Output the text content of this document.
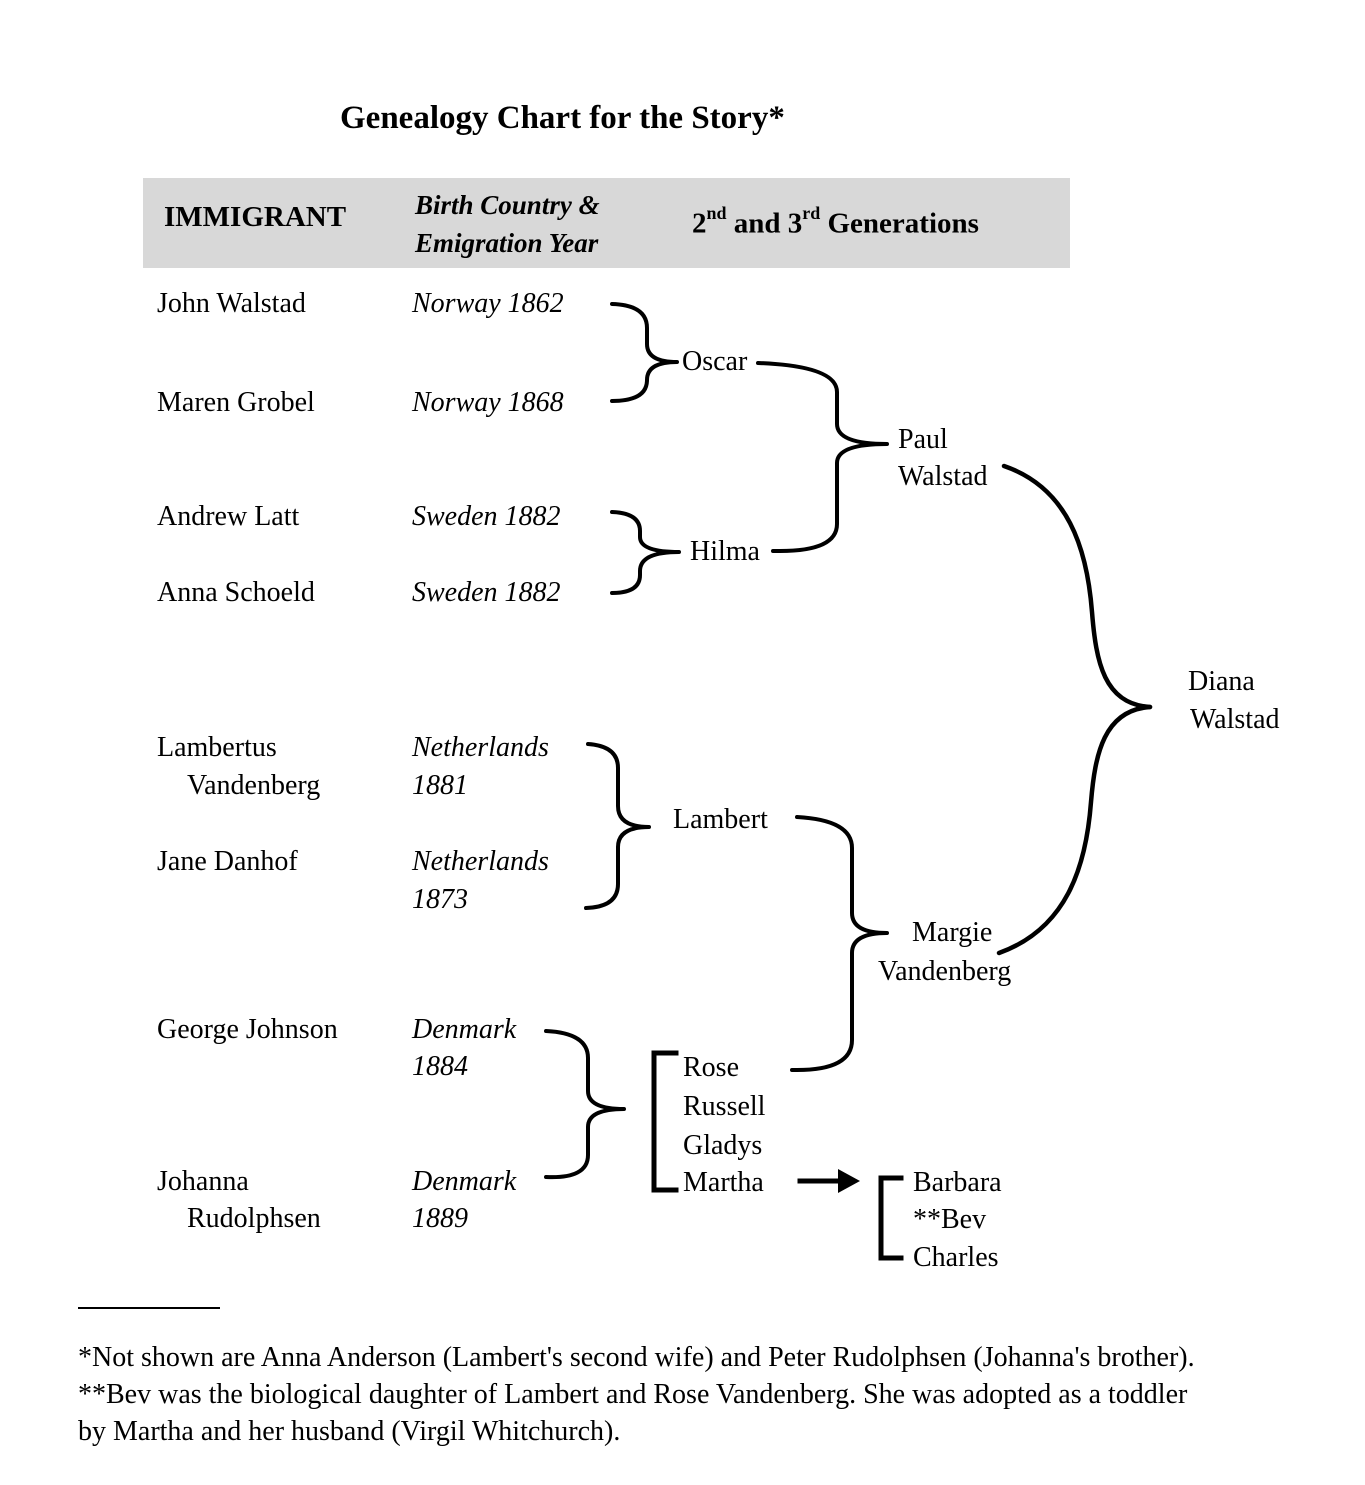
Genealogy Chart for the Story*
IMMIGRANT	Birth Country &
Emigration Year
2nd and 3rd Generations
John Walstad
Maren Grobel
Andrew Latt
Anna Schoeld
Lambertus
Vandenberg
Jane Danhof
George Johnson
Johanna
Rudolphsen
Norway 1862
Norway 1868
Sweden 1882
Sweden 1882
Netherlands
1881
Netherlands
1873
Denmark
1884
Denmark
1889
Oscar
Hilma
Paul
Walstad
Lambert
Margie
Vandenberg
Rose
Russell
Gladys
Martha
Diana
Walstad
Barbara
**Bev
Charles
*Not shown are Anna Anderson (Lambert's second wife) and Peter Rudolphsen (Johanna's brother).
**Bev was the biological daughter of Lambert and Rose Vandenberg. She was adopted as a toddler
by Martha and her husband (Virgil Whitchurch).
